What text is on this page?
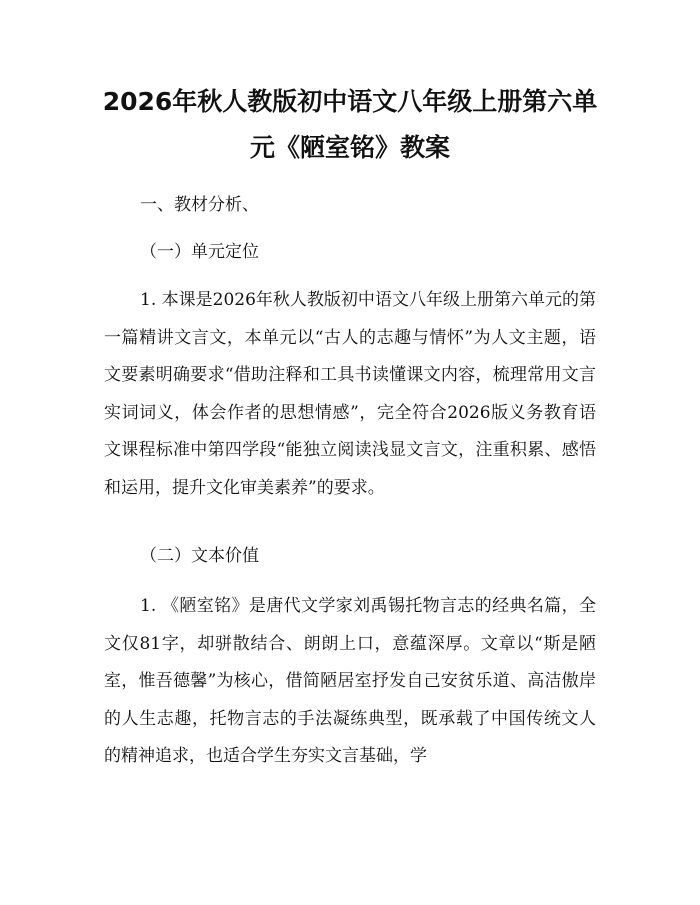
2026年秋人教版初中语文八年级上册第六单
元《陋室铭》教案

一、教材分析、

（一）单元定位

1. 本课是2026年秋人教版初中语文八年级上册第六单元的第一篇精讲文言文，本单元以“古人的志趣与情怀”为人文主题，语文要素明确要求“借助注释和工具书读懂课文内容，梳理常用文言实词词义，体会作者的思想情感”，完全符合2026版义务教育语文课程标准中第四学段“能独立阅读浅显文言文，注重积累、感悟和运用，提升文化审美素养”的要求。

（二）文本价值

1. 《陋室铭》是唐代文学家刘禹锡托物言志的经典名篇，全文仅81字，却骈散结合、朗朗上口，意蕴深厚。文章以“斯是陋室，惟吾德馨”为核心，借简陋居室抒发自己安贫乐道、高洁傲岸的人生志趣，托物言志的手法凝练典型，既承载了中国传统文人的精神追求，也适合学生夯实文言基础，学
